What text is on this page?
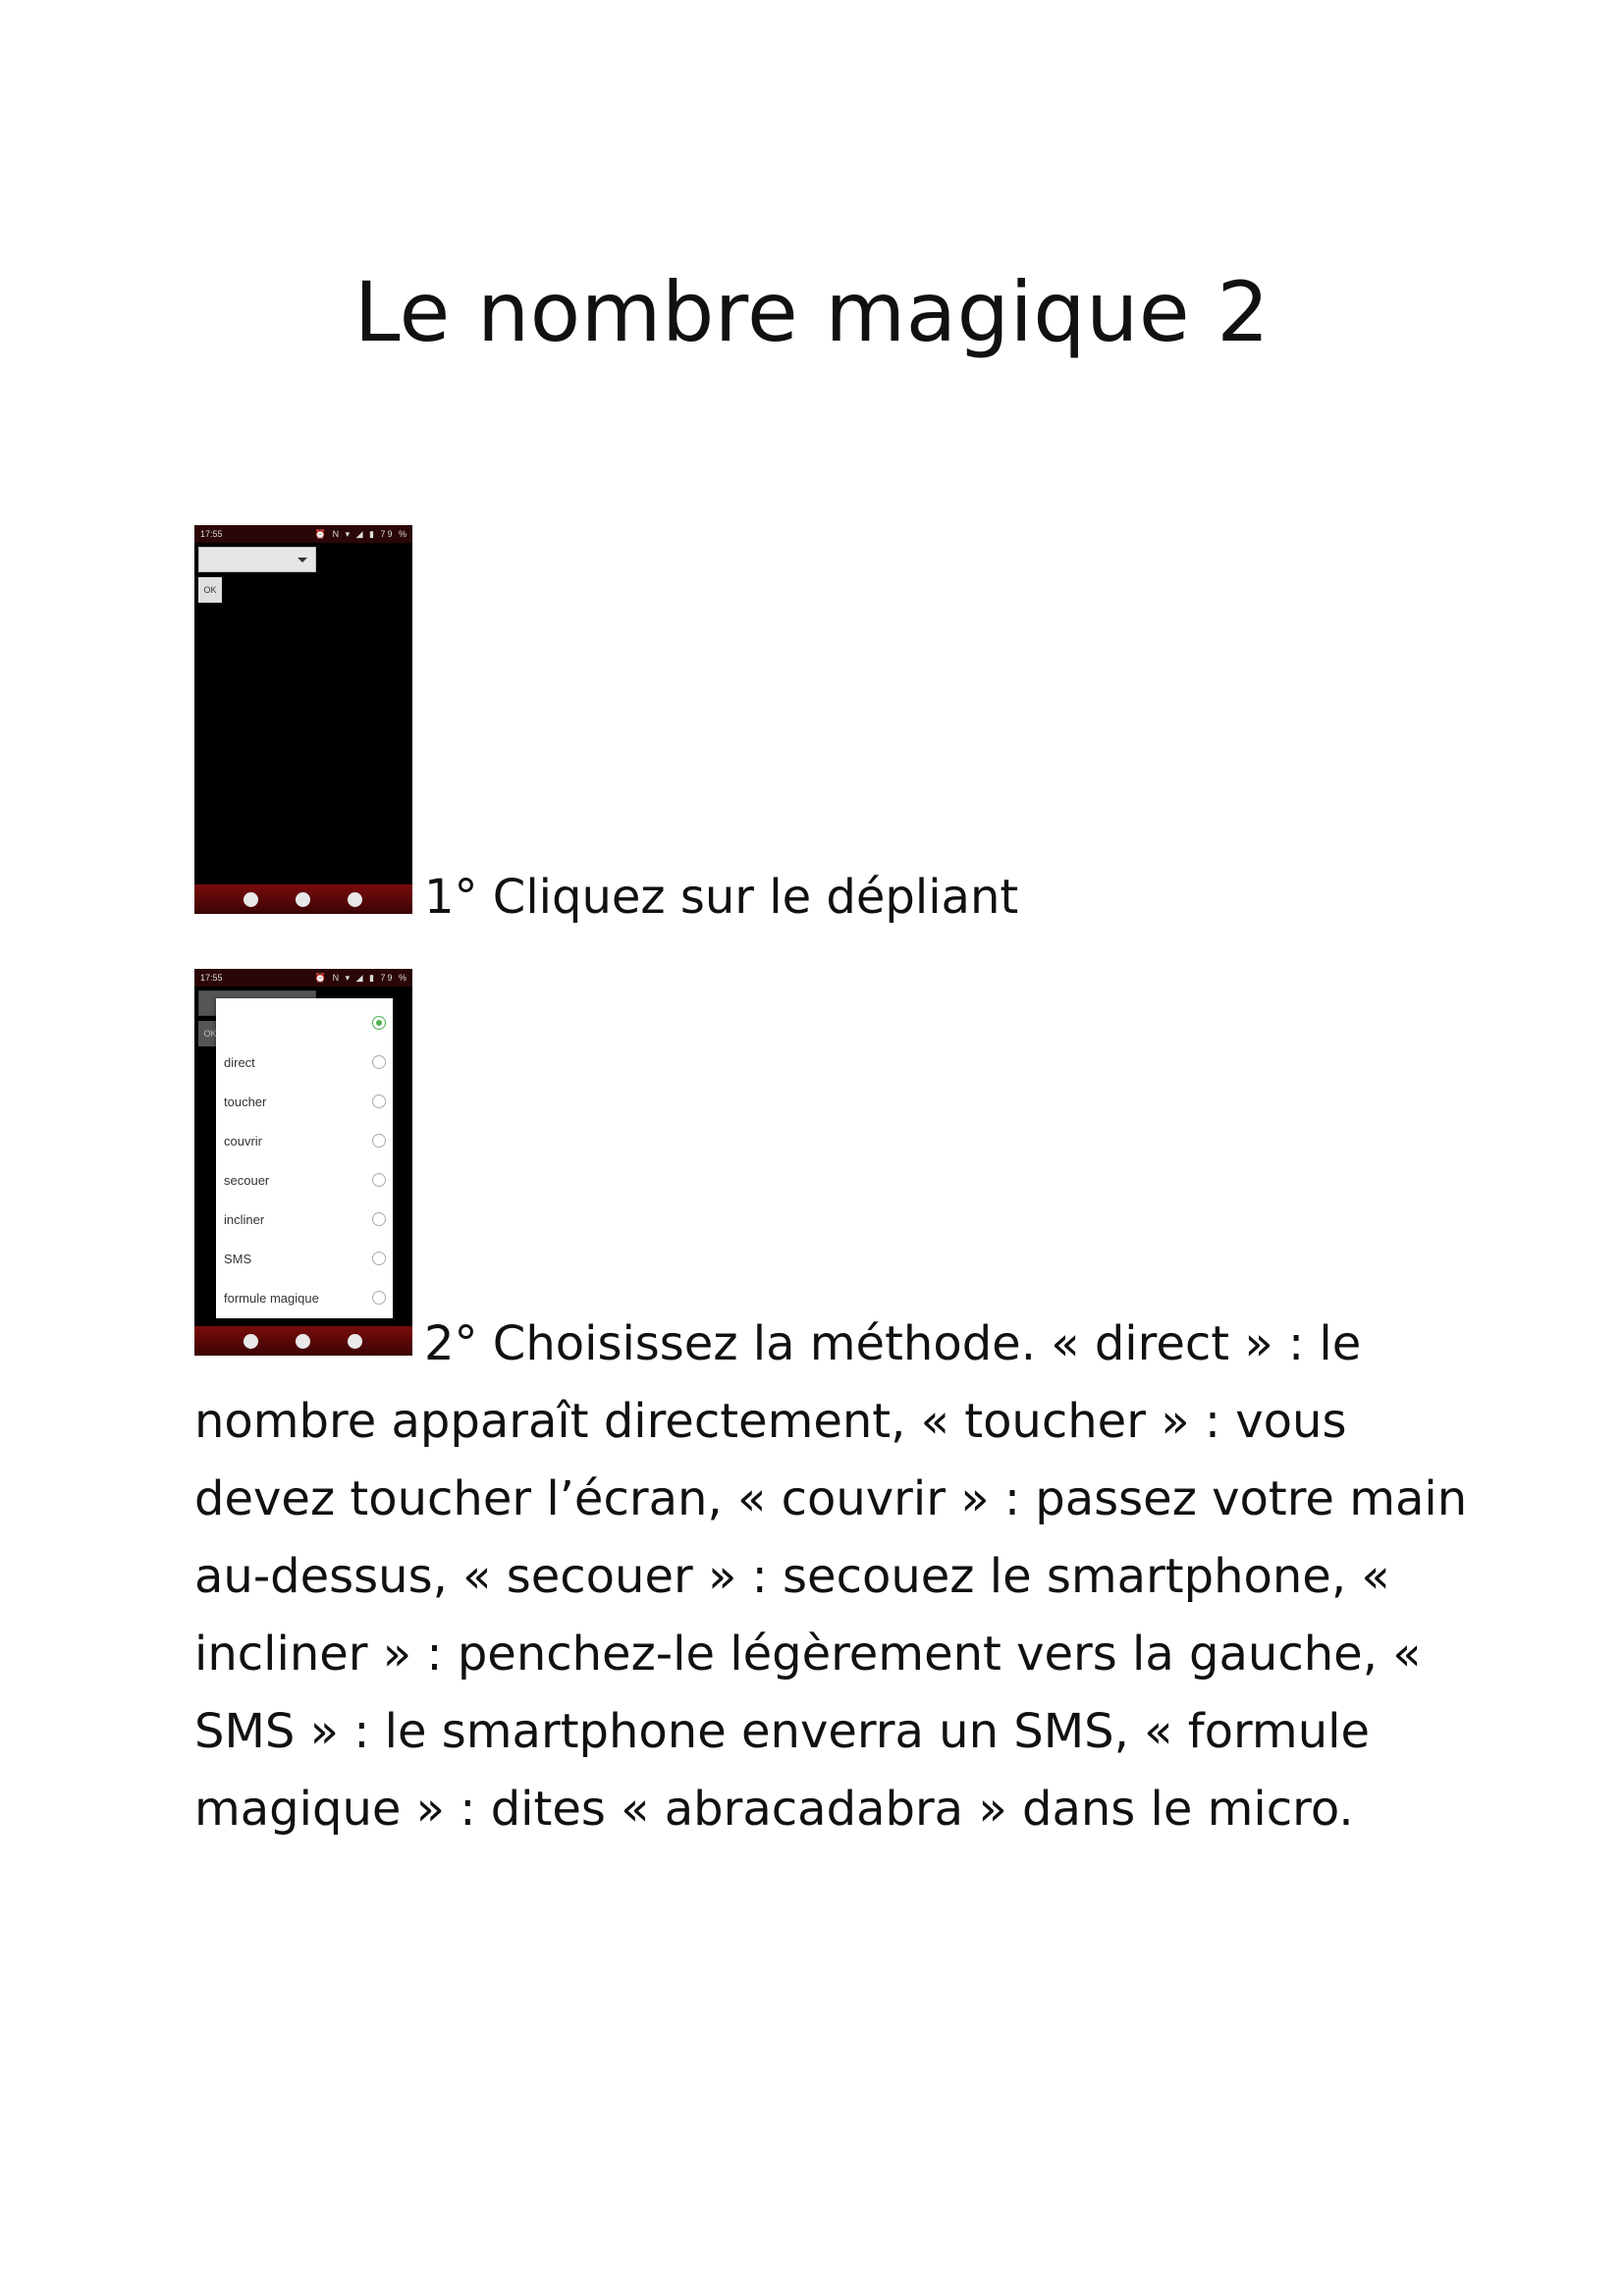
Le nombre magique 2
17:55	⏰ N ▾ ◢ ▮ 79 %
OK
1° Cliquez sur le dépliant
17:55	⏰ N ▾ ◢ ▮ 79 %
OK
direct
toucher
couvrir
secouer
incliner
SMS
formule magique
2° Choisissez la méthode. « direct » : le nombre apparaît directement, « toucher » : vous devez toucher l’écran, « couvrir » : passez votre main au-dessus, « secouer » : secouez le smartphone, « incliner » : penchez-le légèrement vers la gauche, « SMS » : le smartphone enverra un SMS, « formule magique » : dites « abracadabra » dans le micro.
